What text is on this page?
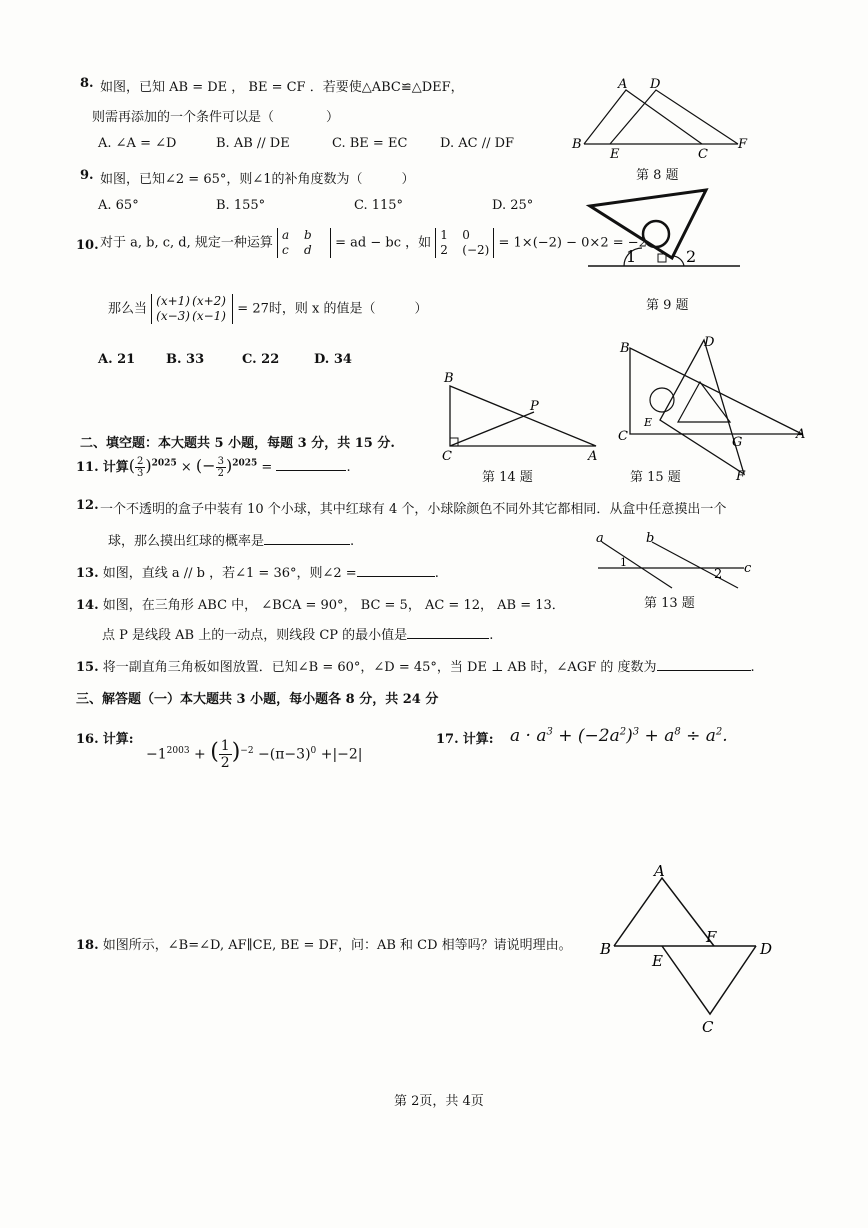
8. 如图，已知 AB = DE ， BE = CF ．若要使△ABC≌△DEF，
则需再添加的一个条件可以是（　　　　）
A. ∠A = ∠D	B. AB // DE	C. BE = EC	D. AC // DF
A D
B
E	C
F
第 8 题
9. 如图，已知∠2 = 65°，则∠1的补角度数为（　　　）
A. 65°	B. 155°	C. 115°	D. 25°
1	2
第 9 题
10. 对于 a, b, c, d, 规定一种运算
a b
c d	= ad − bc ，如
1 0
2 (−2) = 1×(−2) − 0×2 = −2
那么当
(x+1) (x+2)
(x−3) (x−1) = 27时，则 x 的值是（　　　）
A. 21 B. 33	C. 22	D. 34
B
P
C	A
第 14 题
B	D
C
E
G
A
F
第 15 题
二、填空题：本大题共 5 小题，每题 3 分，共 15 分.
11. 计算( $\frac{2}{3} )^{2025}$ × (− $\frac{3}{2} )^{2025}$ =	.
12. 一个不透明的盒子中装有 10 个小球，其中红球有 4 个，小球除颜色不同外其它都相同．从盒中任意摸出一个
球，那么摸出红球的概率是	.	a	b
c
1
2
第 13 题
13. 如图，直线 a // b ，若∠1 = 36°，则∠2 =	.
14. 如图，在三角形 ABC 中， ∠BCA = 90°， BC = 5， AC = 12， AB = 13．
点 P 是线段 AB 上的一动点，则线段 CP 的最小值是	.
15. 将一副直角三角板如图放置．已知∠B = 60°，∠D = 45°，当 DE ⊥ AB 时，∠AGF 的 度数为	.
三、解答题（一）本大题共 3 小题，每小题各 8 分，共 24 分
16. 计算:
$-1^{2003}$ + ( $\frac{1}{2} )^{-2} -(\pi-3)^0 +|-2|$
17. 计算: $a \cdot a^3 + (-2a^2)^3 + a^8 \div a^2$.
18. 如图所示，∠B=∠D, AF∥CE, BE = DF，问：AB 和 CD 相等吗？请说明理由。
A
F
B
E
D
C
第 2页，共 4页
